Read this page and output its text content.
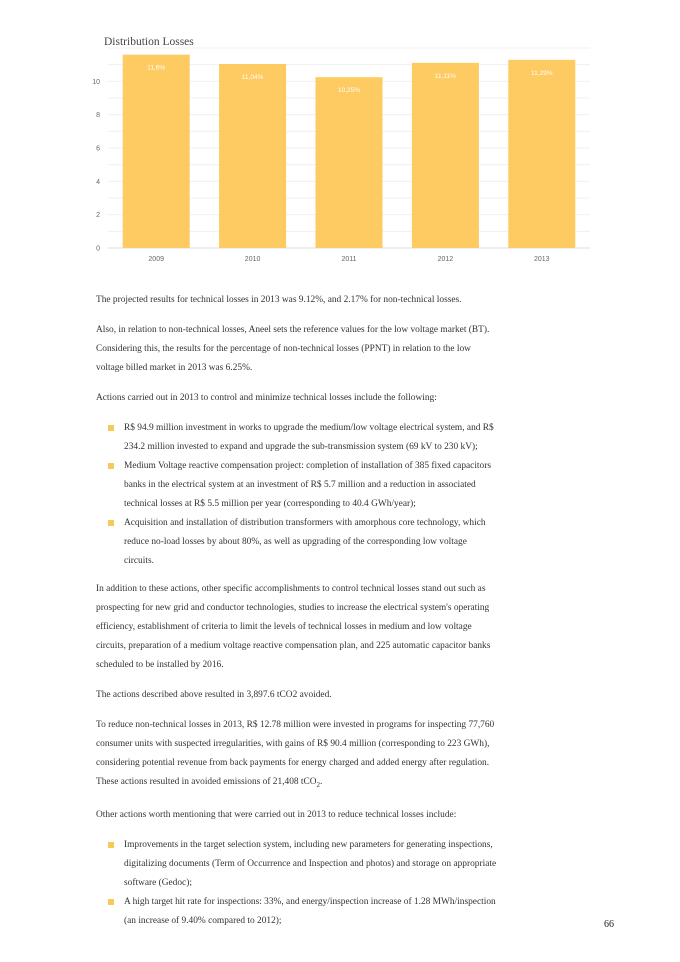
Distribution Losses
0
2
4
6
8
10
11,6%
11,04%
10,25%
11,11%	11,29%
2009	2010	2011	2012	2013

The projected results for technical losses in 2013 was 9.12%, and 2.17% for non-technical losses.

Also, in relation to non-technical losses, Aneel sets the reference values for the low voltage market (BT). Considering this, the results for the percentage of non-technical losses (PPNT) in relation to the low voltage billed market in 2013 was 6.25%.

Actions carried out in 2013 to control and minimize technical losses include the following:

R$ 94.9 million investment in works to upgrade the medium/low voltage electrical system, and R$ 234.2 million invested to expand and upgrade the sub-transmission system (69 kV to 230 kV);
Medium Voltage reactive compensation project: completion of installation of 385 fixed capacitors banks in the electrical system at an investment of R$ 5.7 million and a reduction in associated technical losses at R$ 5.5 million per year (corresponding to 40.4 GWh/year);
Acquisition and installation of distribution transformers with amorphous core technology, which reduce no-load losses by about 80%, as well as upgrading of the corresponding low voltage circuits.

In addition to these actions, other specific accomplishments to control technical losses stand out such as prospecting for new grid and conductor technologies, studies to increase the electrical system's operating efficiency, establishment of criteria to limit the levels of technical losses in medium and low voltage circuits, preparation of a medium voltage reactive compensation plan, and 225 automatic capacitor banks scheduled to be installed by 2016.

The actions described above resulted in 3,897.6 tCO2 avoided.

To reduce non-technical losses in 2013, R$ 12.78 million were invested in programs for inspecting 77,760 consumer units with suspected irregularities, with gains of R$ 90.4 million (corresponding to 223 GWh), considering potential revenue from back payments for energy charged and added energy after regulation. These actions resulted in avoided emissions of 21,408 tCO$_2$.

Other actions worth mentioning that were carried out in 2013 to reduce technical losses include:

Improvements in the target selection system, including new parameters for generating inspections, digitalizing documents (Term of Occurrence and Inspection and photos) and storage on appropriate software (Gedoc);
A high target hit rate for inspections: 33%, and energy/inspection increase of 1.28 MWh/inspection (an increase of 9.40% compared to 2012);	66
